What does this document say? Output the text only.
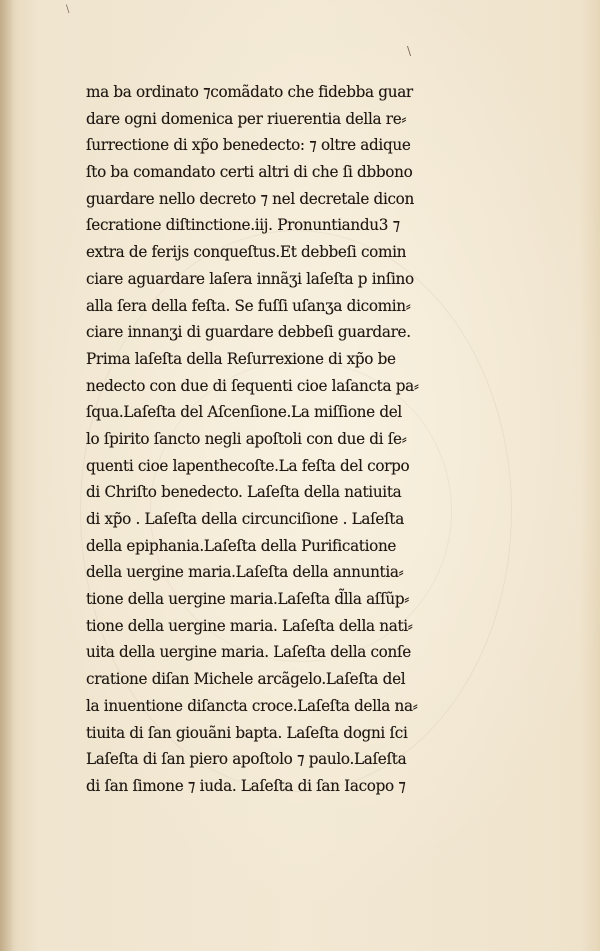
\
\
ma ba ordinato ⁊comãdato che fidebba guar
dare ogni domenica per riuerentia della re⸗
ſurrectione di xp̃o benedecto: ⁊ oltre adique
ſto ba comandato certi altri di che ſi dbbono
guardare nello decreto ⁊ nel decretale dicon
ſecratione diſtinctione.iij. Pronuntiandu3 ⁊
extra de ferijs conqueſtus.Et debbeſi comin
ciare aguardare laſera innãʒi laſeſta p inſino
alla ſera della feſta. Se fuſſi uſanʒa dicomin⸗
ciare innanʒi di guardare debbeſi guardare.
Prima laſeſta della Reſurrexione di xp̃o be
nedecto con due di ſequenti cioe laſancta pa⸗
ſqua.Laſeſta del Aſcenſione.La miſſione del
lo ſpirito ſancto negli apoſtoli con due di ſe⸗
quenti cioe lapenthecoſte.La feſta del corpo
di Chriſto benedecto. Laſeſta della natiuita
di xp̃o . Laſeſta della circunciſione . Laſeſta
della epiphania.Laſeſta della Purificatione
della uergine maria.Laſeſta della annuntia⸗
tione della uergine maria.Laſeſta d̃lla aſſũp⸗
tione della uergine maria. Laſeſta della nati⸗
uita della uergine maria. Laſeſta della conſe
cratione diſan Michele arcãgelo.Laſeſta del
la inuentione diſancta croce.Laſeſta della na⸗
tiuita di ſan giouãni bapta. Laſeſta dogni ſci
Laſeſta di ſan piero apoſtolo ⁊ paulo.Laſeſta
di ſan ſimone ⁊ iuda. Laſeſta di ſan Iacopo ⁊
